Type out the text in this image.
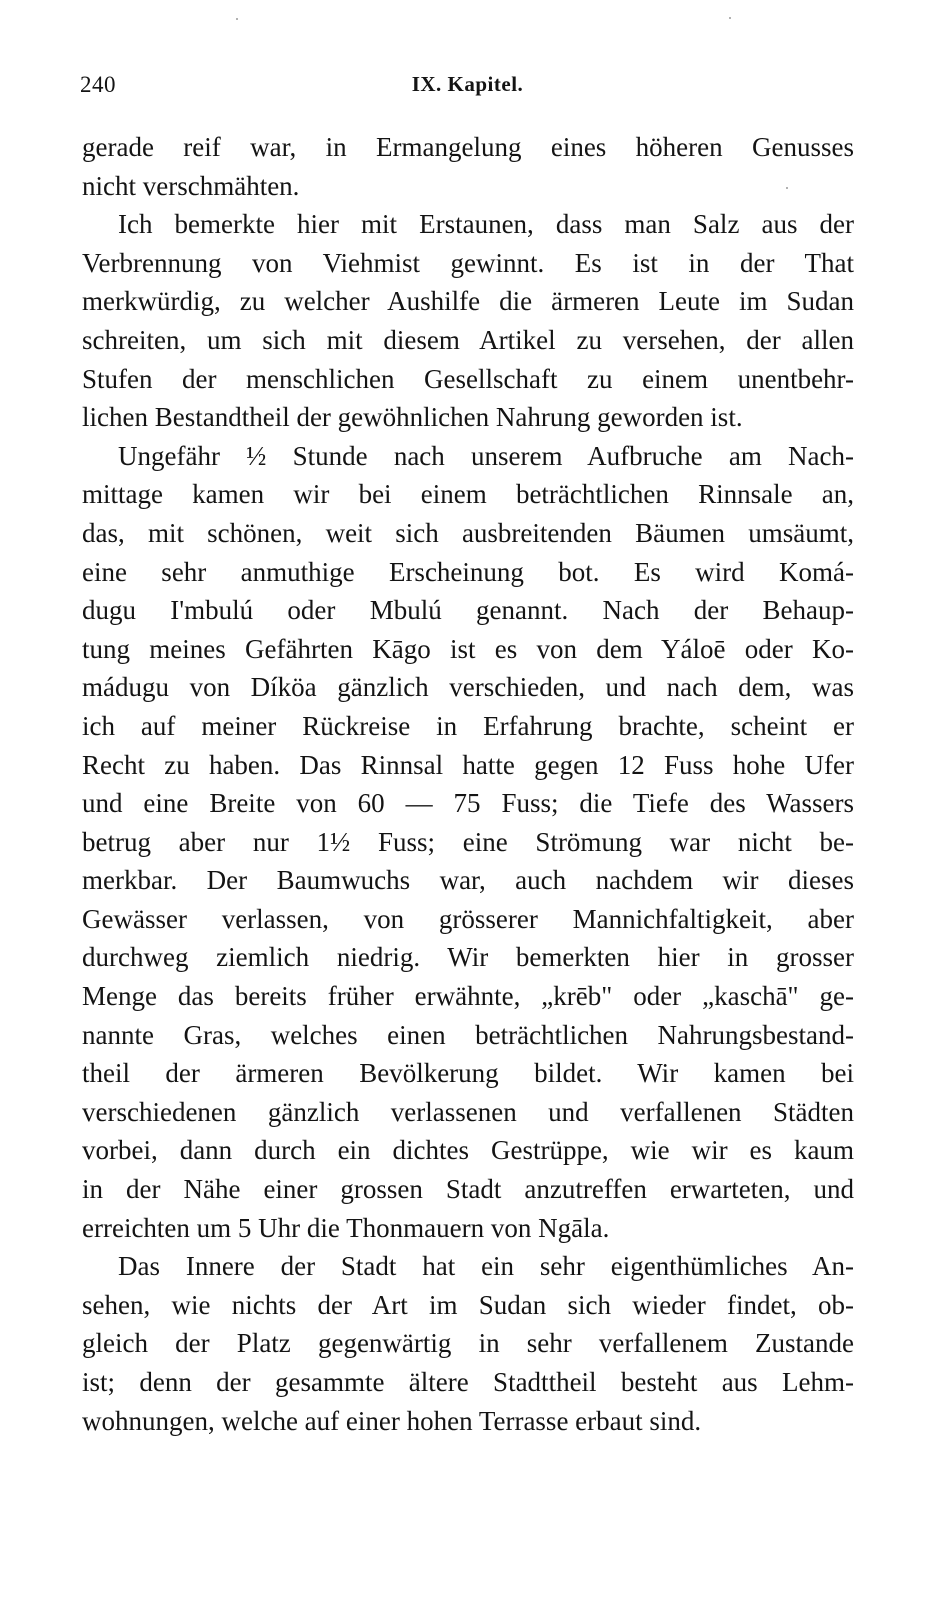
240	IX. Kapitel.
gerade reif war, in Ermangelung eines höheren Genusses
nicht verschmähten.
Ich bemerkte hier mit Erstaunen, dass man Salz aus der
Verbrennung von Viehmist gewinnt. Es ist in der That
merkwürdig, zu welcher Aushilfe die ärmeren Leute im Sudan
schreiten, um sich mit diesem Artikel zu versehen, der allen
Stufen der menschlichen Gesellschaft zu einem unentbehr-
lichen Bestandtheil der gewöhnlichen Nahrung geworden ist.
Ungefähr ½ Stunde nach unserem Aufbruche am Nach-
mittage kamen wir bei einem beträchtlichen Rinnsale an,
das, mit schönen, weit sich ausbreitenden Bäumen umsäumt,
eine sehr anmuthige Erscheinung bot. Es wird Komá-
dugu I'mbulú oder Mbulú genannt. Nach der Behaup-
tung meines Gefährten Kāgo ist es von dem Yáloē oder Ko-
mádugu von Díköa gänzlich verschieden, und nach dem, was
ich auf meiner Rückreise in Erfahrung brachte, scheint er
Recht zu haben. Das Rinnsal hatte gegen 12 Fuss hohe Ufer
und eine Breite von 60 — 75 Fuss; die Tiefe des Wassers
betrug aber nur 1½ Fuss; eine Strömung war nicht be-
merkbar. Der Baumwuchs war, auch nachdem wir dieses
Gewässer verlassen, von grösserer Mannichfaltigkeit, aber
durchweg ziemlich niedrig. Wir bemerkten hier in grosser
Menge das bereits früher erwähnte, „krēb" oder „kaschā" ge-
nannte Gras, welches einen beträchtlichen Nahrungsbestand-
theil der ärmeren Bevölkerung bildet. Wir kamen bei
verschiedenen gänzlich verlassenen und verfallenen Städten
vorbei, dann durch ein dichtes Gestrüppe, wie wir es kaum
in der Nähe einer grossen Stadt anzutreffen erwarteten, und
erreichten um 5 Uhr die Thonmauern von Ngāla.
Das Innere der Stadt hat ein sehr eigenthümliches An-
sehen, wie nichts der Art im Sudan sich wieder findet, ob-
gleich der Platz gegenwärtig in sehr verfallenem Zustande
ist; denn der gesammte ältere Stadttheil besteht aus Lehm-
wohnungen, welche auf einer hohen Terrasse erbaut sind.
